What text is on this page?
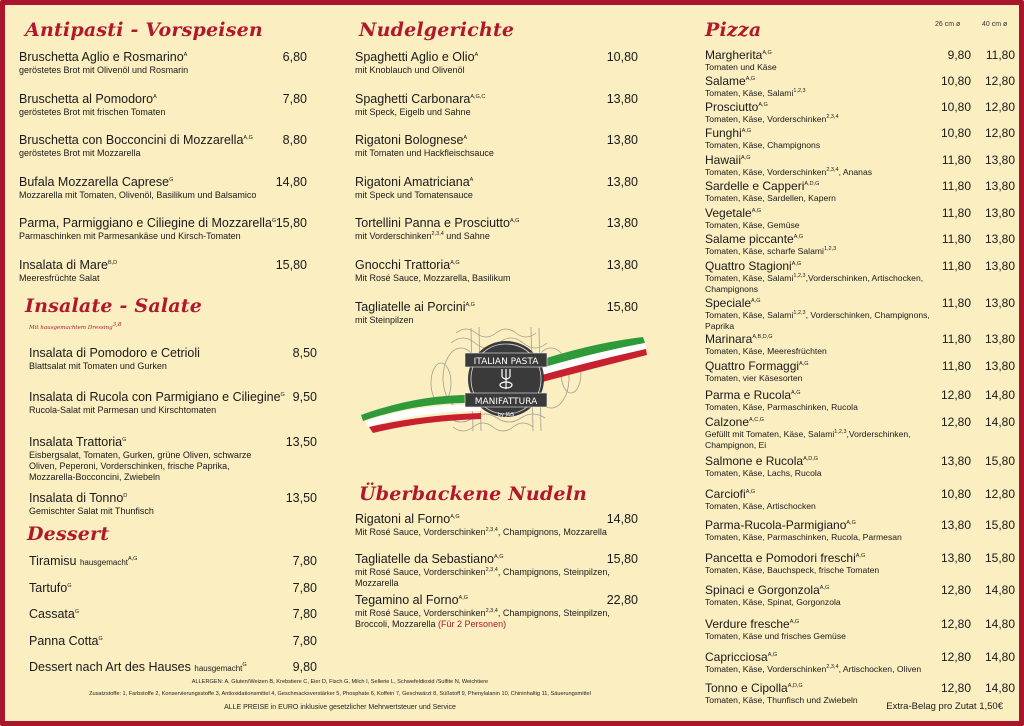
Antipasti - Vorspeisen
Bruschetta Aglio e Rosmarino$^A$
geröstetes Brot mit Olivenöl und Rosmarin
6,80
Bruschetta al Pomodoro$^A$
geröstetes Brot mit frischen Tomaten
7,80
Bruschetta con Bocconcini di Mozzarella$^{A,G}$
geröstetes Brot mit Mozzarella
8,80
Bufala Mozzarella Caprese$^G$
Mozzarella mit Tomaten, Olivenöl, Basilikum und Balsamico
14,80
Parma, Parmiggiano e Ciliegine di Mozzarella$^G$
Parmaschinken mit Parmesankäse und Kirsch-Tomaten
15,80
Insalata di Mare$^{B,D}$
Meeresfrüchte Salat
15,80
Insalate - Salate
Mit hausgemachtem Dressing$^{3,8}$
Insalata di Pomodoro e Cetrioli
Blattsalat mit Tomaten und Gurken
8,50
Insalata di Rucola con Parmigiano e Ciliegine$^G$
Rucola-Salat mit Parmesan und Kirschtomaten
9,50
Insalata Trattoria$^G$
Eisbergsalat, Tomaten, Gurken, grüne Oliven, schwarze Oliven, Peperoni, Vorderschinken, frische Paprika, Mozzarella-Bocconcini, Zwiebeln
13,50
Insalata di Tonno$^D$
Gemischter Salat mit Thunfisch
13,50
Dessert
Tiramisu hausgemacht$^{A,G}$	7,80
Tartufo$^G$	7,80
Cassata$^G$	7,80
Panna Cotta$^G$	7,80
Dessert nach Art des Hauses hausgemacht$^G$	9,80
Nudelgerichte
Spaghetti Aglio e Olio$^A$
mit Knoblauch und Olivenöl
10,80
Spaghetti Carbonara$^{A,G,C}$
mit Speck, Eigelb und Sahne
13,80
Rigatoni Bolognese$^A$
mit Tomaten und Hackfleischsauce
13,80
Rigatoni Amatriciana$^A$
mit Speck und Tomatensauce
13,80
Tortellini Panna e Prosciutto$^{A,G}$
mit Vorderschinken$^{2,3,4}$ und Sahne
13,80
Gnocchi Trattoria$^{A,G}$
Mit Rosé Sauce, Mozzarella, Basilikum
13,80
Tagliatelle ai Porcini$^{A,G}$
mit Steinpilzen
15,80
Überbackene Nudeln
Rigatoni al Forno$^{A,G}$
Mit Rosé Sauce, Vorderschinken$^{2,3,4}$, Champignons, Mozzarella
14,80
Tagliatelle da Sebastiano$^{A,G}$
mit Rosé Sauce, Vorderschinken$^{2,3,4}$, Champignons, Steinpilzen, Mozzarella
15,80
Tegamino al Forno$^{A,G}$
mit Rosé Sauce, Vorderschinken$^{2,3,4}$, Champignons, Steinpilzen, Broccoli, Mozzarella (Für 2 Personen)
22,80
ITALIAN PASTA
MANIFATTURA
by J&S
Pizza	26 cm ø	40 cm ø
Margherita$^{A,G}$
Tomaten und Käse
9,80	11,80
Salame$^{A,G}$
Tomaten, Käse, Salami$^{1,2,3}$
10,80	12,80
Prosciutto$^{A,G}$
Tomaten, Käse, Vorderschinken$^{2,3,4}$
10,80	12,80
Funghi$^{A,G}$
Tomaten, Käse, Champignons
10,80	12,80
Hawaii$^{A,G}$
Tomaten, Käse, Vorderschinken$^{2,3,4}$, Ananas
11,80	13,80
Sardelle e Capperi$^{A,D,G}$
Tomaten, Käse, Sardellen, Kapern
11,80	13,80
Vegetale$^{A,G}$
Tomaten, Käse, Gemüse
11,80	13,80
Salame piccante$^{A,G}$
Tomaten, Käse, scharfe Salami$^{1,2,3}$
11,80	13,80
Quattro Stagioni$^{A,G}$
Tomaten, Käse, Salami$^{1,2,3}$,Vorderschinken, Artischocken, Champignons
11,80	13,80
Speciale$^{A,G}$
Tomaten, Käse, Salami$^{1,2,3}$, Vorderschinken, Champignons, Paprika
11,80	13,80
Marinara$^{A,B,D,G}$
Tomaten, Käse, Meeresfrüchten
11,80	13,80
Quattro Formaggi$^{A,G}$
Tomaten, vier Käsesorten
11,80	13,80
Parma e Rucola$^{A,G}$
Tomaten, Käse, Parmaschinken, Rucola
12,80	14,80
Calzone$^{A,C,G}$
Gefüllt mit Tomaten, Käse, Salami$^{1,2,3}$,Vorderschinken, Champignon, Ei
12,80	14,80
Salmone e Rucola$^{A,D,G}$
Tomaten, Käse, Lachs, Rucola
13,80	15,80
Carciofi$^{A,G}$
Tomaten, Käse, Artischocken
10,80	12,80
Parma-Rucola-Parmigiano$^{A,G}$
Tomaten, Käse, Parmaschinken, Rucola, Parmesan
13,80	15,80
Pancetta e Pomodori freschi$^{A,G}$
Tomaten, Käse, Bauchspeck, frische Tomaten
13,80	15,80
Spinaci e Gorgonzola$^{A,G}$
Tomaten, Käse, Spinat, Gorgonzola
12,80	14,80
Verdure fresche$^{A,G}$
Tomaten, Käse und frisches Gemüse
12,80	14,80
Capricciosa$^{A,G}$
Tomaten, Käse, Vorderschinken$^{2,3,4}$, Artischocken, Oliven
12,80	14,80
Tonno e Cipolla$^{A,D,G}$
Tomaten, Käse, Thunfisch und Zwiebeln
12,80	14,80
Extra-Belag pro Zutat 1,50€
ALLERGEN: A, Gluten/Weizen B, Krebstiere C, Eier D, Fisch G, Milch I, Sellerie L, Schwefeldioxid /Sulfite N, Weichtiere
Zusatzstoffe: 1, Farbstoffe 2, Konservierungsstoffe 3, Antioxidationsmittel 4, Geschmacksverstärker 5, Phosphate 6, Koffein 7, Geschwärzt 8, Süßstoff 9, Phenylalanin 10, Chininhaltig 11, Säuerungsmittel
ALLE PREISE in EURO inklusive gesetzlicher Mehrwertsteuer und Service
